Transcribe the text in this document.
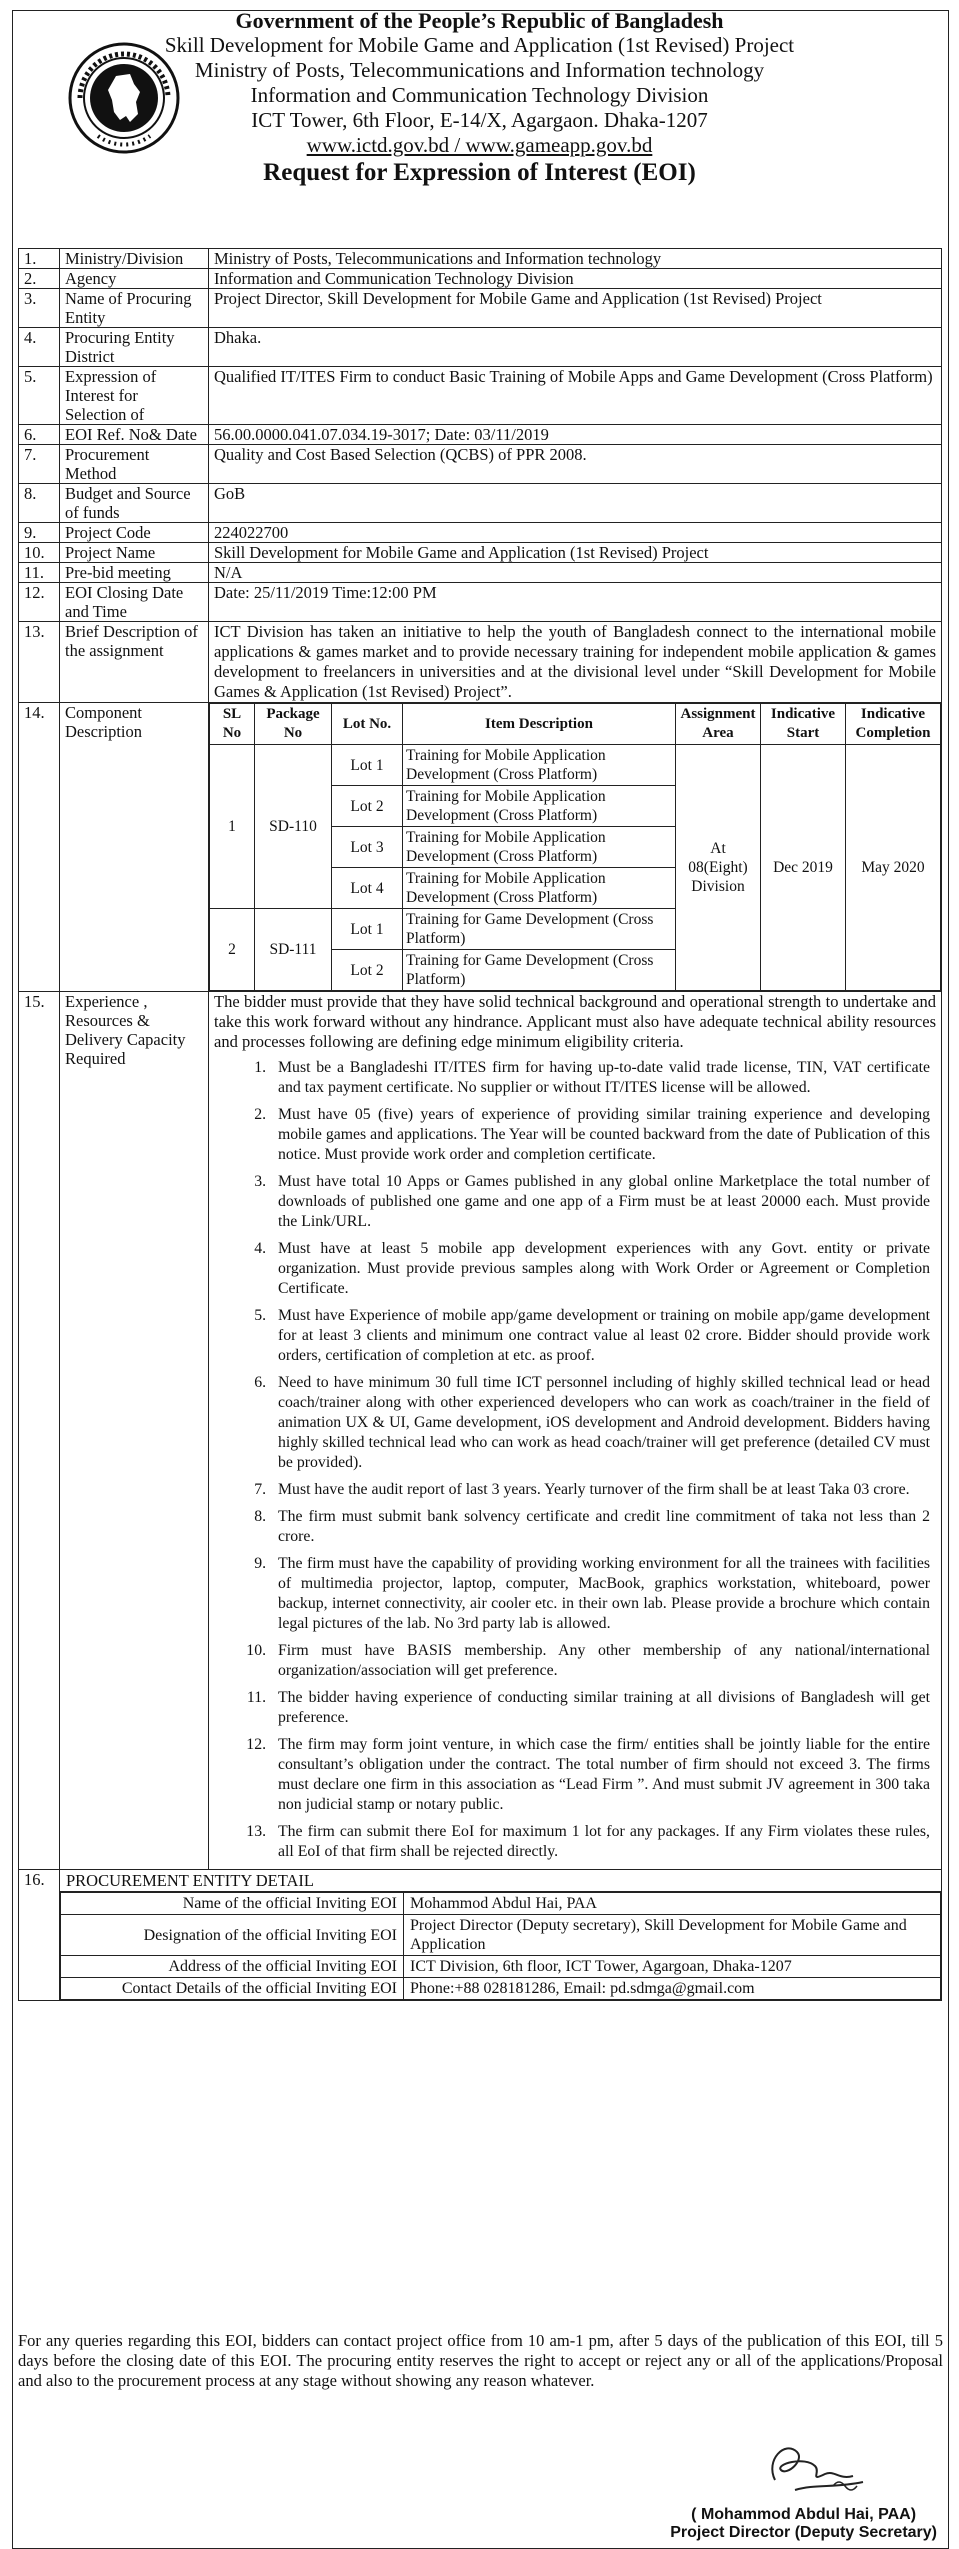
Government of the People’s Republic of Bangladesh
Skill Development for Mobile Game and Application (1st Revised) Project
Ministry of Posts, Telecommunications and Information technology
Information and Communication Technology Division
ICT Tower, 6th Floor, E-14/X, Agargaon. Dhaka-1207
www.ictd.gov.bd / www.gameapp.gov.bd
Request for Expression of Interest (EOI)
1.	Ministry/Division	Ministry of Posts, Telecommunications and Information technology
2.	Agency	Information and Communication Technology Division
3.	Name of Procuring Entity	Project Director, Skill Development for Mobile Game and Application (1st Revised) Project
4.	Procuring Entity District	Dhaka.
5.	Expression of Interest for Selection of	Qualified IT/ITES Firm to conduct Basic Training of Mobile Apps and Game Development (Cross Platform)
6.	EOI Ref. No& Date	56.00.0000.041.07.034.19-3017; Date: 03/11/2019
7.	Procurement Method	Quality and Cost Based Selection (QCBS) of PPR 2008.
8.	Budget and Source of funds	GoB
9.	Project Code	224022700
10.	Project Name	Skill Development for Mobile Game and Application (1st Revised) Project
11.	Pre-bid meeting	N/A
12.	EOI Closing Date and Time	Date: 25/11/2019 Time:12:00 PM
13.	Brief Description of the assignment	ICT Division has taken an initiative to help the youth of Bangladesh connect to the international mobile applications & games market and to provide necessary training for independent mobile application & games development to freelancers in universities and at the divisional level under “Skill Development for Mobile Games & Application (1st Revised) Project”.
14.	Component Description	
SL No	Package No	Lot No.	Item Description	Assignment Area	Indicative Start	Indicative Completion
1	SD-110	Lot 1	Training for Mobile Application Development (Cross Platform)	At 08(Eight) Division	Dec 2019	May 2020
Lot 2	Training for Mobile Application Development (Cross Platform)
Lot 3	Training for Mobile Application Development (Cross Platform)
Lot 4	Training for Mobile Application Development (Cross Platform)
2	SD-111	Lot 1	Training for Game Development (Cross Platform)
Lot 2	Training for Game Development (Cross Platform)

15.	Experience , Resources & Delivery Capacity Required	

The bidder must provide that they have solid technical background and operational strength to undertake and take this work forward without any hindrance. Applicant must also have adequate technical ability resources and processes following are defining edge minimum eligibility criteria.

1. Must be a Bangladeshi IT/ITES firm for having up-to-date valid trade license, TIN, VAT certificate and tax payment certificate. No supplier or without IT/ITES license will be allowed.
2. Must have 05 (five) years of experience of providing similar training experience and developing mobile games and applications. The Year will be counted backward from the date of Publication of this notice. Must provide work order and completion certificate.
3. Must have total 10 Apps or Games published in any global online Marketplace the total number of downloads of published one game and one app of a Firm must be at least 20000 each. Must provide the Link/URL.
4. Must have at least 5 mobile app development experiences with any Govt. entity or private organization. Must provide previous samples along with Work Order or Agreement or Completion Certificate.
5. Must have Experience of mobile app/game development or training on mobile app/game development for at least 3 clients and minimum one contract value al least 02 crore. Bidder should provide work orders, certification of completion at etc. as proof.
6. Need to have minimum 30 full time ICT personnel including of highly skilled technical lead or head coach/trainer along with other experienced developers who can work as coach/trainer in the field of animation UX & UI, Game development, iOS development and Android development. Bidders having highly skilled technical lead who can work as head coach/trainer will get preference (detailed CV must be provided).
7. Must have the audit report of last 3 years. Yearly turnover of the firm shall be at least Taka 03 crore.
8. The firm must submit bank solvency certificate and credit line commitment of taka not less than 2 crore.
9. The firm must have the capability of providing working environment for all the trainees with facilities of multimedia projector, laptop, computer, MacBook, graphics workstation, whiteboard, power backup, internet connectivity, air cooler etc. in their own lab. Please provide a brochure which contain legal pictures of the lab. No 3rd party lab is allowed.
10. Firm must have BASIS membership. Any other membership of any national/international organization/association will get preference.
11. The bidder having experience of conducting similar training at all divisions of Bangladesh will get preference.
12. The firm may form joint venture, in which case the firm/ entities shall be jointly liable for the entire consultant’s obligation under the contract. The total number of firm should not exceed 3. The firms must declare one firm in this association as “Lead Firm ”. And must submit JV agreement in 300 taka non judicial stamp or notary public.
13. The firm can submit there EoI for maximum 1 lot for any packages. If any Firm violates these rules, all EoI of that firm shall be rejected directly.

16.	PROCUREMENT ENTITY DETAIL
Name of the official Inviting EOI	Mohammod Abdul Hai, PAA
Designation of the official Inviting EOI	Project Director (Deputy secretary), Skill Development for Mobile Game and Application
Address of the official Inviting EOI	ICT Division, 6th floor, ICT Tower, Agargoan, Dhaka-1207
Contact Details of the official Inviting EOI	Phone:+88 028181286, Email: pd.sdmga@gmail.com
For any queries regarding this EOI, bidders can contact project office from 10 am-1 pm, after 5 days of the publication of this EOI, till 5 days before the closing date of this EOI. The procuring entity reserves the right to accept or reject any or all of the applications/Proposal and also to the procurement process at any stage without showing any reason whatever.
( Mohammod Abdul Hai, PAA)
Project Director (Deputy Secretary)
